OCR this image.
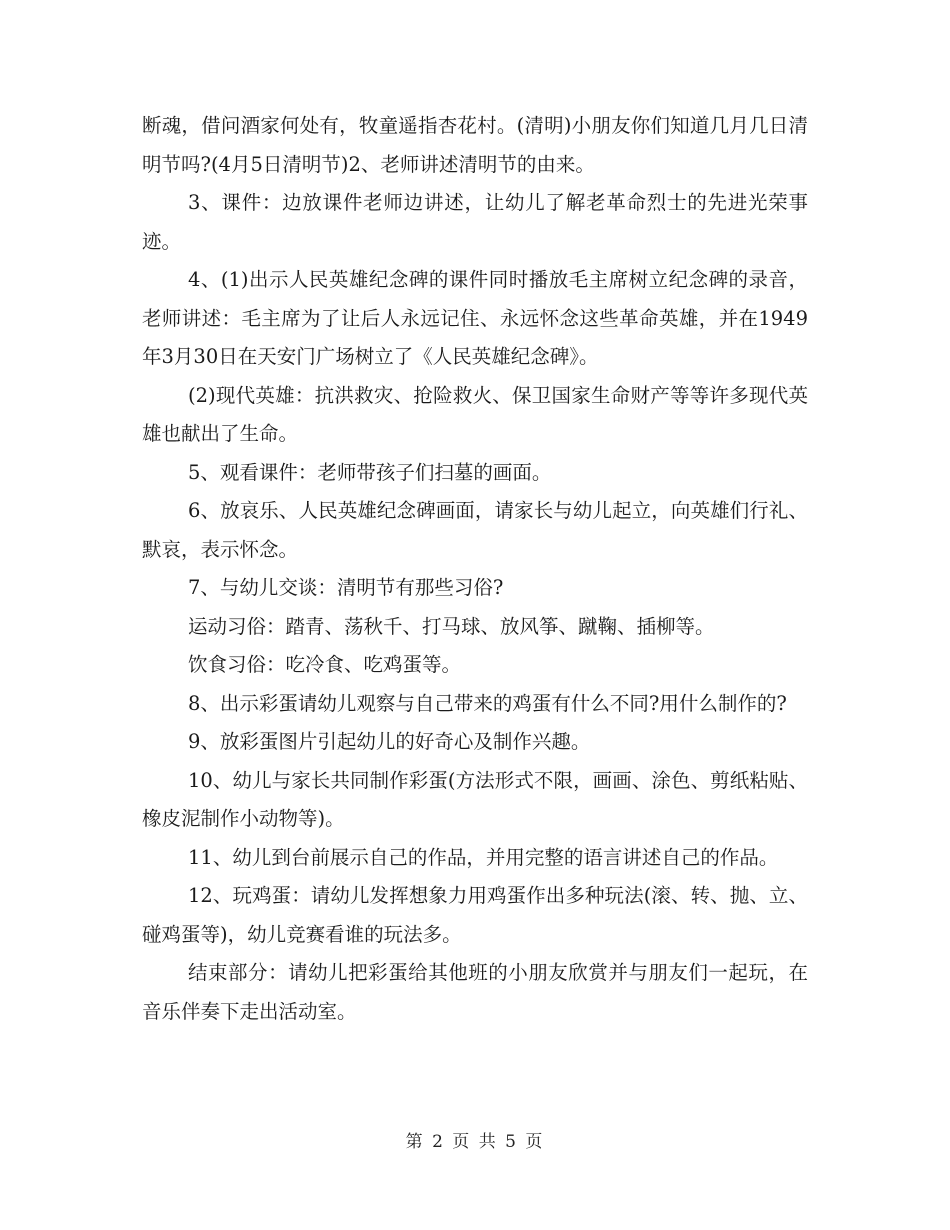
断魂，借问酒家何处有，牧童遥指杏花村。(清明)小朋友你们知道几月几日清明节吗?(4月5日清明节)2、老师讲述清明节的由来。

3、课件：边放课件老师边讲述，让幼儿了解老革命烈士的先进光荣事迹。

4、(1)出示人民英雄纪念碑的课件同时播放毛主席树立纪念碑的录音，老师讲述：毛主席为了让后人永远记住、永远怀念这些革命英雄，并在1949年3月30日在天安门广场树立了《人民英雄纪念碑》。

(2)现代英雄：抗洪救灾、抢险救火、保卫国家生命财产等等许多现代英雄也献出了生命。

5、观看课件：老师带孩子们扫墓的画面。

6、放哀乐、人民英雄纪念碑画面，请家长与幼儿起立，向英雄们行礼、默哀，表示怀念。

7、与幼儿交谈：清明节有那些习俗?

运动习俗：踏青、荡秋千、打马球、放风筝、蹴鞠、插柳等。

饮食习俗：吃冷食、吃鸡蛋等。

8、出示彩蛋请幼儿观察与自己带来的鸡蛋有什么不同?用什么制作的?

9、放彩蛋图片引起幼儿的好奇心及制作兴趣。

10、幼儿与家长共同制作彩蛋(方法形式不限，画画、涂色、剪纸粘贴、橡皮泥制作小动物等)。

11、幼儿到台前展示自己的作品，并用完整的语言讲述自己的作品。

12、玩鸡蛋：请幼儿发挥想象力用鸡蛋作出多种玩法(滚、转、抛、立、碰鸡蛋等)，幼儿竞赛看谁的玩法多。

结束部分：请幼儿把彩蛋给其他班的小朋友欣赏并与朋友们一起玩，在音乐伴奏下走出活动室。

第 2 页 共 5 页
